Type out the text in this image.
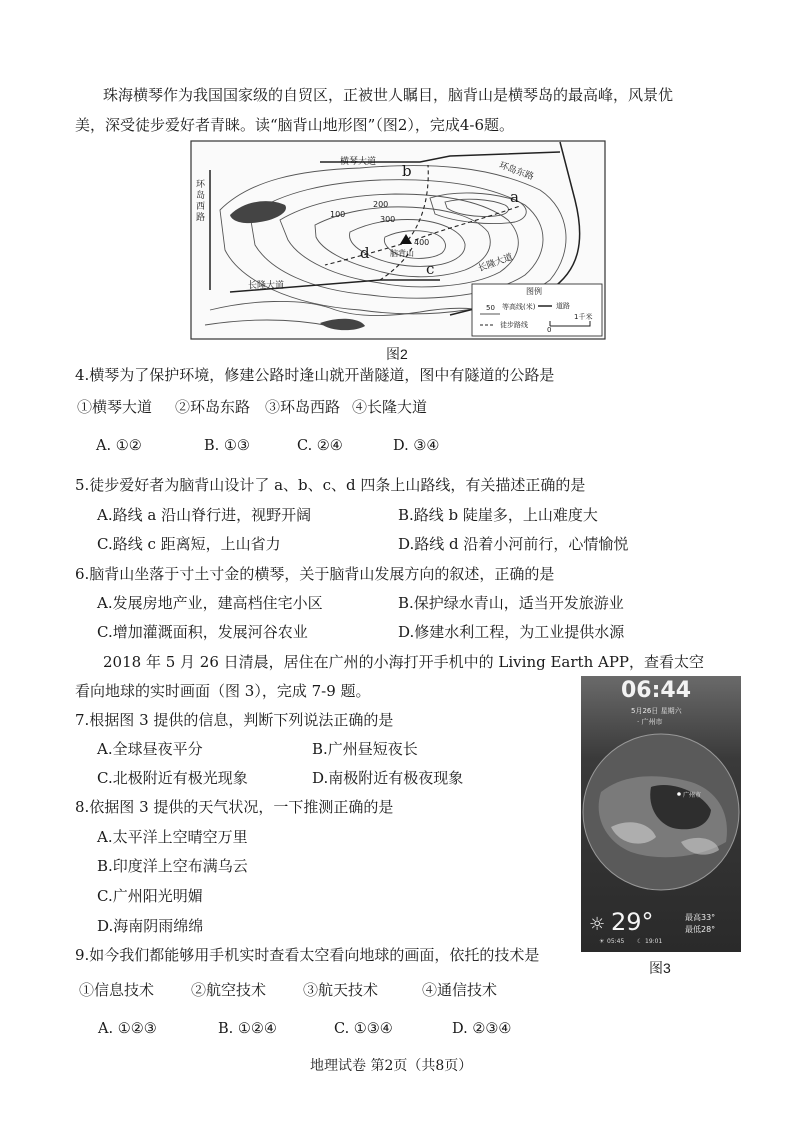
珠海横琴作为我国国家级的自贸区，正被世人瞩目，脑背山是横琴岛的最高峰，风景优
美，深受徒步爱好者青睐。读“脑背山地形图”（图2），完成4-6题。
横琴大道	环岛东路
环岛西路
长隆大道
长隆大道
脑背山
400
300
200
100
a
b
c
d
图例
50 等高线(米)	道路
徒步路线
0
1千米
图2
4.横琴为了保护环境，修建公路时逢山就开凿隧道，图中有隧道的公路是
①横琴大道 ②环岛东路 ③环岛西路 ④长隆大道
A. ①②	B. ①③	C. ②④	D. ③④
5.徒步爱好者为脑背山设计了 a、b、c、d 四条上山路线，有关描述正确的是
A.路线 a 沿山脊行进，视野开阔	B.路线 b 陡崖多，上山难度大
C.路线 c 距离短，上山省力	D.路线 d 沿着小河前行，心情愉悦
6.脑背山坐落于寸土寸金的横琴，关于脑背山发展方向的叙述，正确的是
A.发展房地产业，建高档住宅小区	B.保护绿水青山，适当开发旅游业
C.增加灌溉面积，发展河谷农业	D.修建水利工程，为工业提供水源
2018 年 5 月 26 日清晨，居住在广州的小海打开手机中的 Living Earth APP，查看太空
看向地球的实时画面（图 3），完成 7-9 题。
7.根据图 3 提供的信息，判断下列说法正确的是
A.全球昼夜平分	B.广州昼短夜长
C.北极附近有极光现象	D.南极附近有极夜现象
8.依据图 3 提供的天气状况，一下推测正确的是
A.太平洋上空晴空万里
B.印度洋上空布满乌云
C.广州阳光明媚
D.海南阴雨绵绵
06:44
5月26日 星期六
· 广州市
广州市
☼ 29°	最高33°
最低28°
☀ 05:45 ☾ 19:01
图3
9.如今我们都能够用手机实时查看太空看向地球的画面，依托的技术是
①信息技术 ②航空技术 ③航天技术	④通信技术
A. ①②③	B. ①②④	C. ①③④	D. ②③④
地理试卷 第2页（共8页）
